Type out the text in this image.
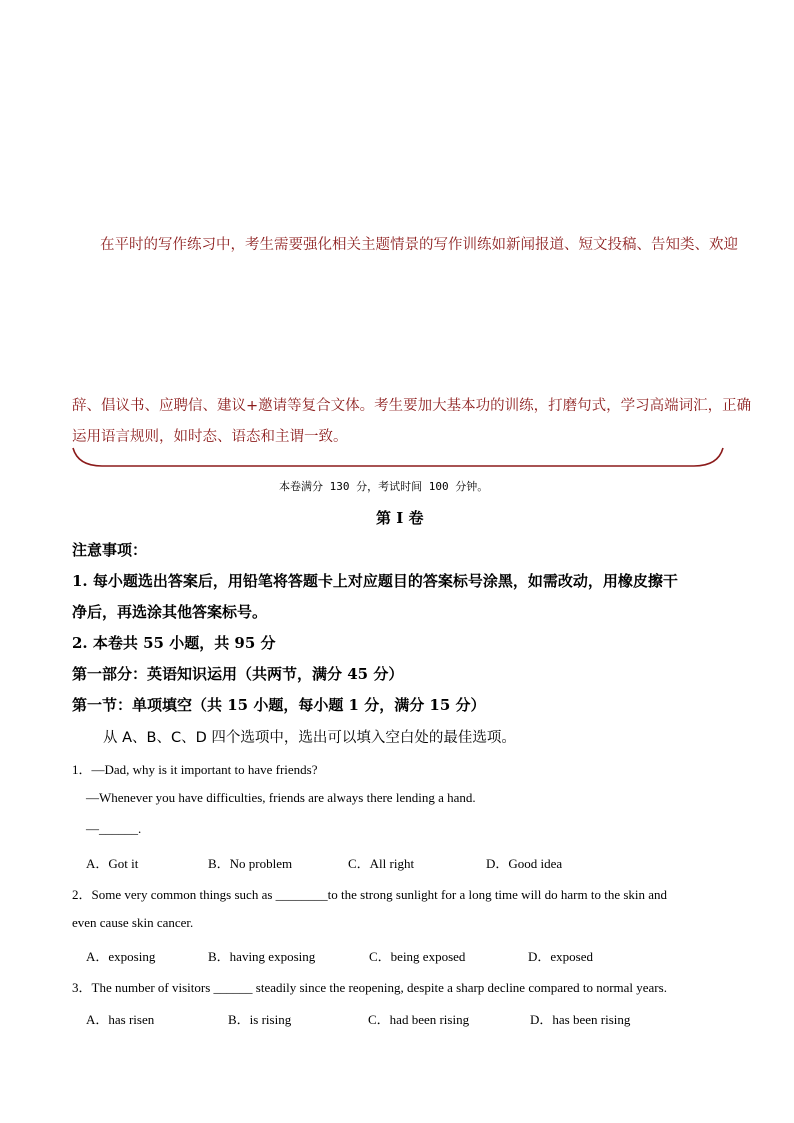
在平时的写作练习中，考生需要强化相关主题情景的写作训练如新闻报道、短文投稿、告知类、欢迎
辞、倡议书、应聘信、建议+邀请等复合文体。考生要加大基本功的训练，打磨句式，学习高端词汇，正确
运用语言规则，如时态、语态和主谓一致。
本卷满分 130 分，考试时间 100 分钟。
第 I 卷
注意事项：
1. 每小题选出答案后，用铅笔将答题卡上对应题目的答案标号涂黑，如需改动，用橡皮擦干
净后，再选涂其他答案标号。
2. 本卷共 55 小题，共 95 分
第一部分：英语知识运用（共两节，满分 45 分）
第一节：单项填空（共 15 小题，每小题 1 分，满分 15 分）
从 A、B、C、D 四个选项中，选出可以填入空白处的最佳选项。
1．—Dad, why is it important to have friends?
—Whenever you have difficulties, friends are always there lending a hand.
—______.
A．Got it	B．No problem	C．All right	D．Good idea
2．Some very common things such as ________to the strong sunlight for a long time will do harm to the skin and
even cause skin cancer.
A．exposing	B．having exposing	C．being exposed	D．exposed
3．The number of visitors ______ steadily since the reopening, despite a sharp decline compared to normal years.
A．has risen	B．is rising	C．had been rising	D．has been rising
